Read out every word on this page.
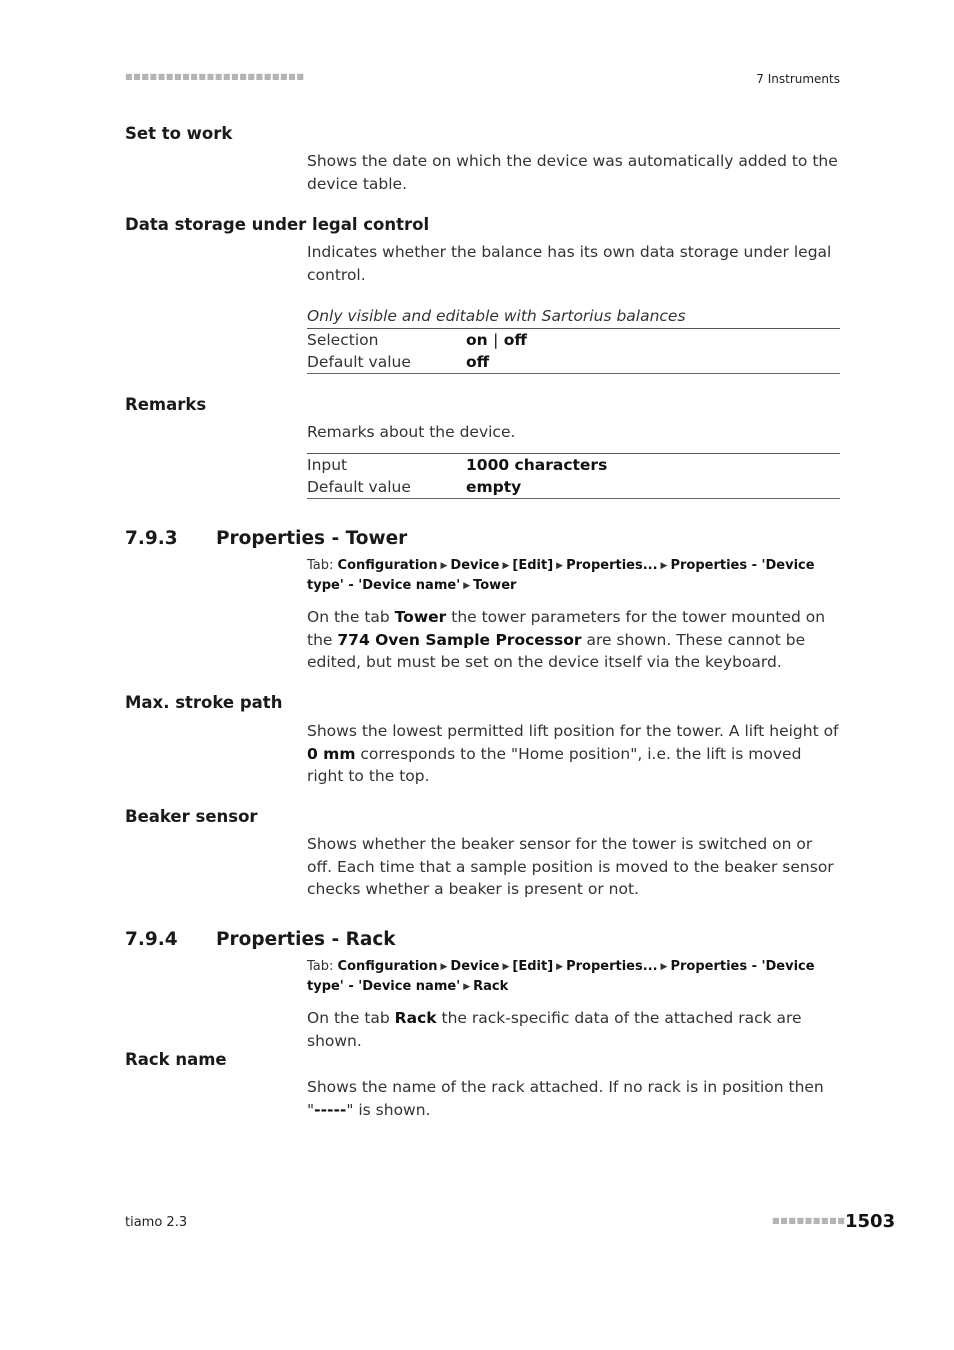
■■■■■■■■■■■■■■■■■■■■■■	7 Instruments
Set to work
Shows the date on which the device was automatically added to the device table.
Data storage under legal control
Indicates whether the balance has its own data storage under legal control.
Only visible and editable with Sartorius balances
Selection	on | off
Default value	off

Remarks
Remarks about the device.
Input	1000 characters
Default value	empty

7.9.3 Properties - Tower
Tab: Configuration ▶ Device ▶ [Edit] ▶ Properties... ▶ Properties - 'Device type' - 'Device name' ▶ Tower
On the tab Tower the tower parameters for the tower mounted on the 774 Oven Sample Processor are shown. These cannot be edited, but must be set on the device itself via the keyboard.
Max. stroke path
Shows the lowest permitted lift position for the tower. A lift height of 0 mm corresponds to the "Home position", i.e. the lift is moved right to the top.
Beaker sensor
Shows whether the beaker sensor for the tower is switched on or off. Each time that a sample position is moved to the beaker sensor checks whether a beaker is present or not.
7.9.4 Properties - Rack
Tab: Configuration ▶ Device ▶ [Edit] ▶ Properties... ▶ Properties - 'Device type' - 'Device name' ▶ Rack
On the tab Rack the rack-specific data of the attached rack are shown.
Rack name
Shows the name of the rack attached. If no rack is in position then "-----" is shown.
tiamo 2.3	■■■■■■■■■ 1503
